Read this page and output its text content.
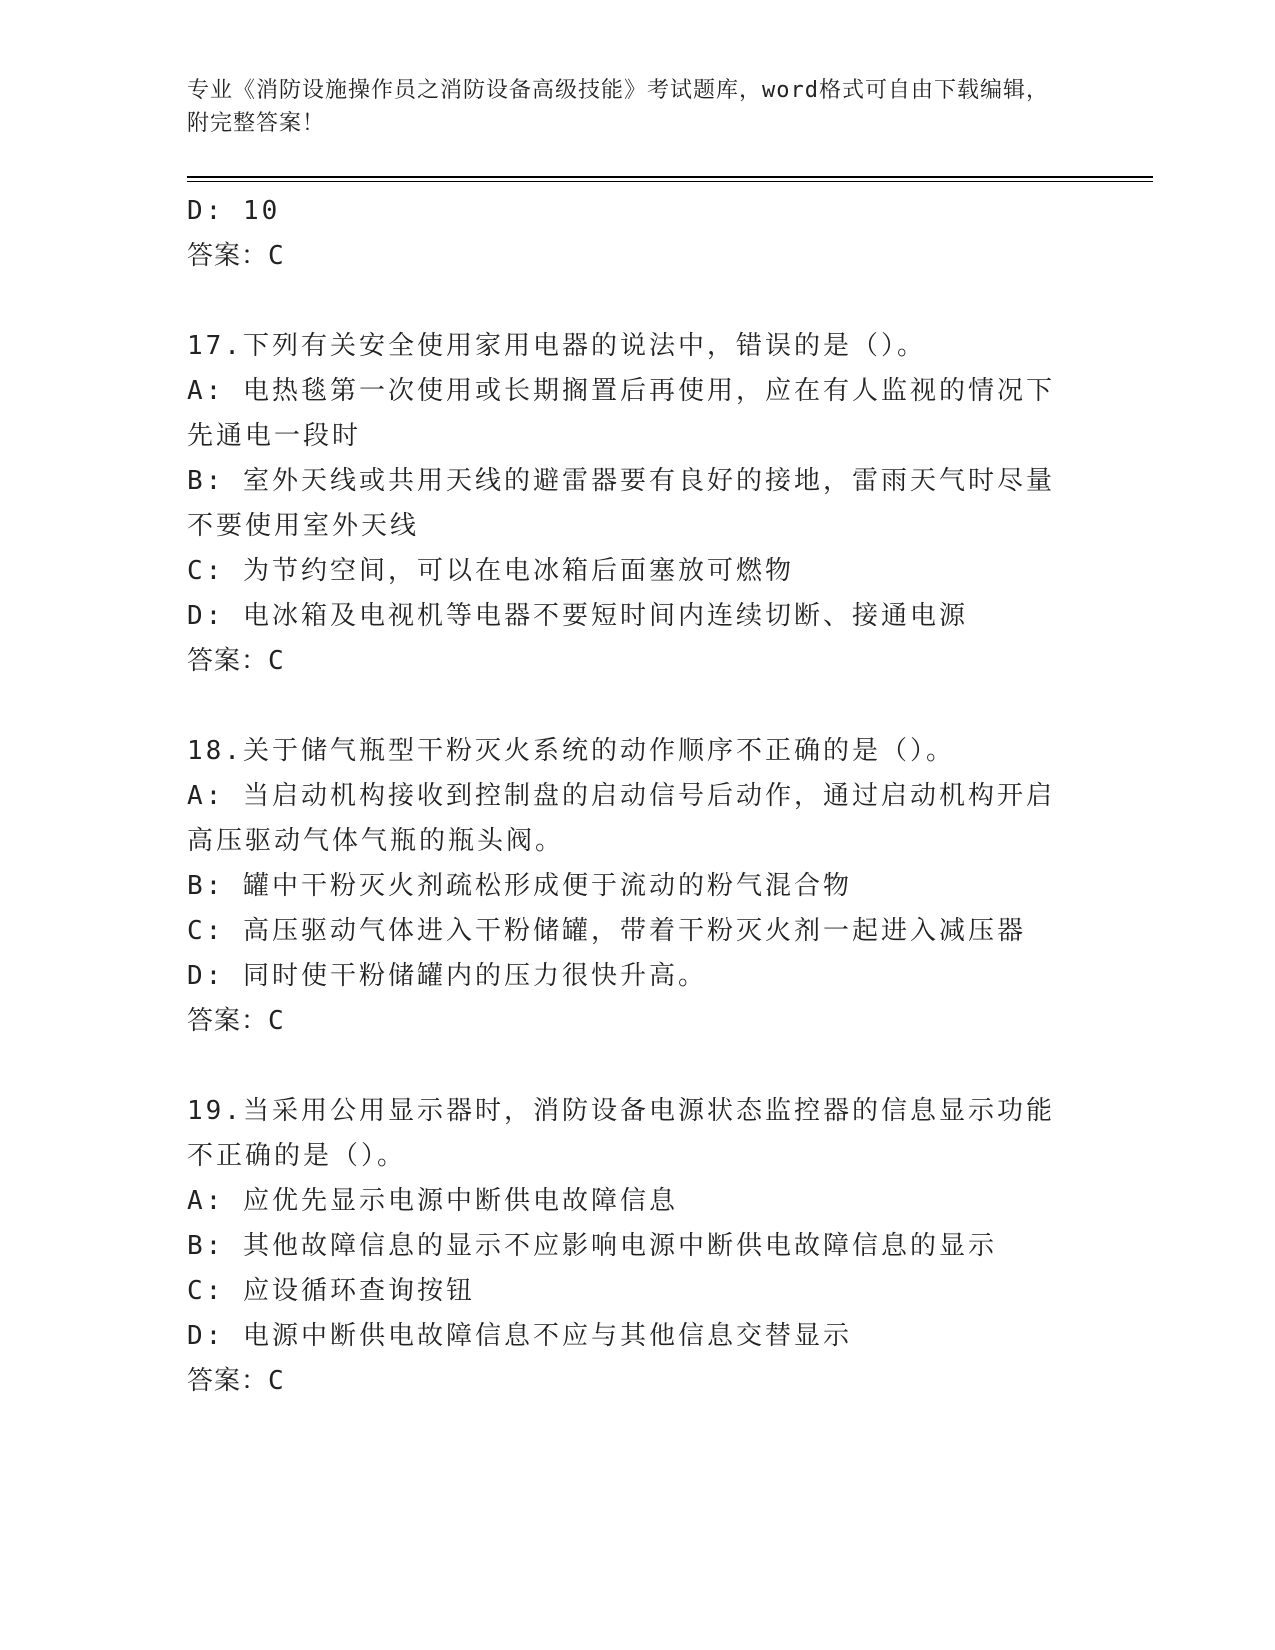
专业《消防设施操作员之消防设备高级技能》考试题库，word格式可自由下载编辑，附完整答案！
D: 10
答案：C
17.下列有关安全使用家用电器的说法中，错误的是（）。
A: 电热毯第一次使用或长期搁置后再使用，应在有人监视的情况下先通电一段时
B: 室外天线或共用天线的避雷器要有良好的接地，雷雨天气时尽量不要使用室外天线
C: 为节约空间，可以在电冰箱后面塞放可燃物
D: 电冰箱及电视机等电器不要短时间内连续切断、接通电源
答案：C
18.关于储气瓶型干粉灭火系统的动作顺序不正确的是（）。
A: 当启动机构接收到控制盘的启动信号后动作，通过启动机构开启高压驱动气体气瓶的瓶头阀。
B: 罐中干粉灭火剂疏松形成便于流动的粉气混合物
C: 高压驱动气体进入干粉储罐，带着干粉灭火剂一起进入减压器
D: 同时使干粉储罐内的压力很快升高。
答案：C
19.当采用公用显示器时，消防设备电源状态监控器的信息显示功能不正确的是（）。
A: 应优先显示电源中断供电故障信息
B: 其他故障信息的显示不应影响电源中断供电故障信息的显示
C: 应设循环查询按钮
D: 电源中断供电故障信息不应与其他信息交替显示
答案：C
